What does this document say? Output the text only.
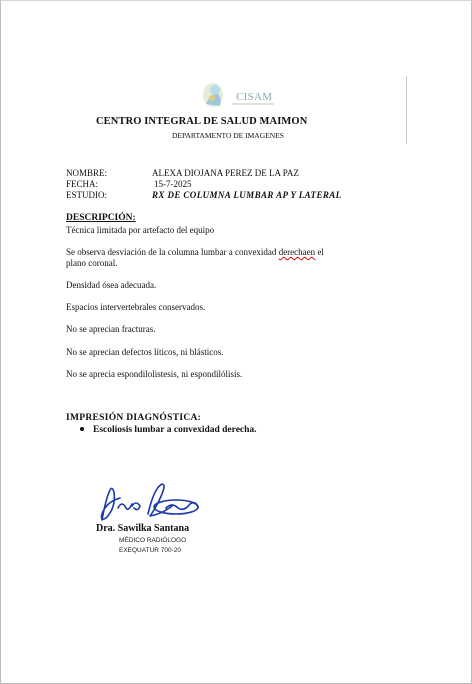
CISAM
CENTRO INTEGRAL DE SALUD MAIMON
DEPARTAMENTO DE IMAGENES
NOMBRE:	ALEXA DIOJANA PEREZ DE LA PAZ
FECHA:	15-7-2025
ESTUDIO:	RX DE COLUMNA LUMBAR AP Y LATERAL
DESCRIPCIÓN:
Técnica limitada por artefacto del equipo
Se observa desviación de la columna lumbar a convexidad derechaen el
plano coronal.
Densidad ósea adecuada.
Espacios intervertebrales conservados.
No se aprecian fracturas.
No se aprecian defectos líticos, ni blásticos.
No se aprecia espondilolistesis, ni espondilólisis.
IMPRESIÓN DIAGNÓSTICA:
Escoliosis lumbar a convexidad derecha.
Dra. Sawilka Santana
MÉDICO RADIÓLOGO
EXEQUATUR 700-20
